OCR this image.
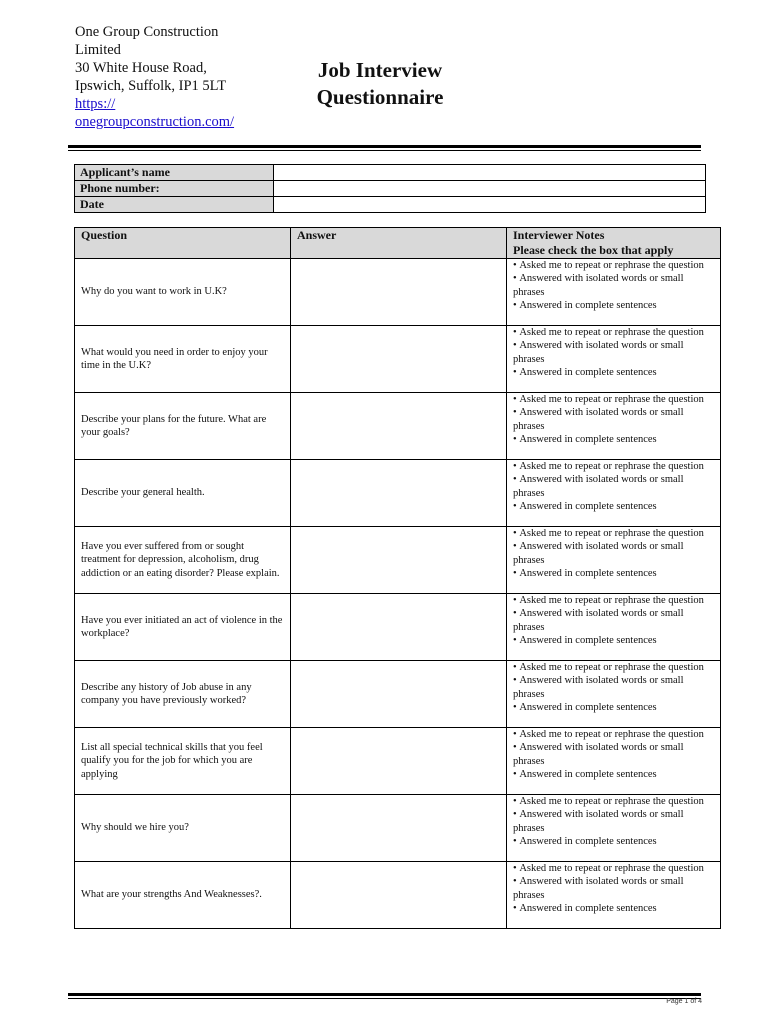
One Group Construction
Limited
30 White House Road,
Ipswich, Suffolk, IP1 5LT
https://
onegroupconstruction.com/
Job Interview
Questionnaire
Applicant’s name	
Phone number:	
Date	
Question	Answer	Interviewer Notes
Please check the box that apply

Why do you want to work in U.K?		• Asked me to repeat or rephrase the question
• Answered with isolated words or small phrases
• Answered in complete sentences

What would you need in order to enjoy your time in the U.K?		• Asked me to repeat or rephrase the question
• Answered with isolated words or small phrases
• Answered in complete sentences

Describe your plans for the future. What are your goals?		• Asked me to repeat or rephrase the question
• Answered with isolated words or small phrases
• Answered in complete sentences

Describe your general health.		• Asked me to repeat or rephrase the question
• Answered with isolated words or small phrases
• Answered in complete sentences

Have you ever suffered from or sought treatment for depression, alcoholism, drug addiction or an eating disorder? Please explain.		• Asked me to repeat or rephrase the question
• Answered with isolated words or small phrases
• Answered in complete sentences

Have you ever initiated an act of violence in the workplace?		• Asked me to repeat or rephrase the question
• Answered with isolated words or small phrases
• Answered in complete sentences

Describe any history of Job abuse in any company you have previously worked?		• Asked me to repeat or rephrase the question
• Answered with isolated words or small phrases
• Answered in complete sentences

List all special technical skills that you feel qualify you for the job for which you are applying		• Asked me to repeat or rephrase the question
• Answered with isolated words or small phrases
• Answered in complete sentences

Why should we hire you?		• Asked me to repeat or rephrase the question
• Answered with isolated words or small phrases
• Answered in complete sentences

What are your strengths And Weaknesses?.		• Asked me to repeat or rephrase the question
• Answered with isolated words or small phrases
• Answered in complete sentences
Page 1 of 4
